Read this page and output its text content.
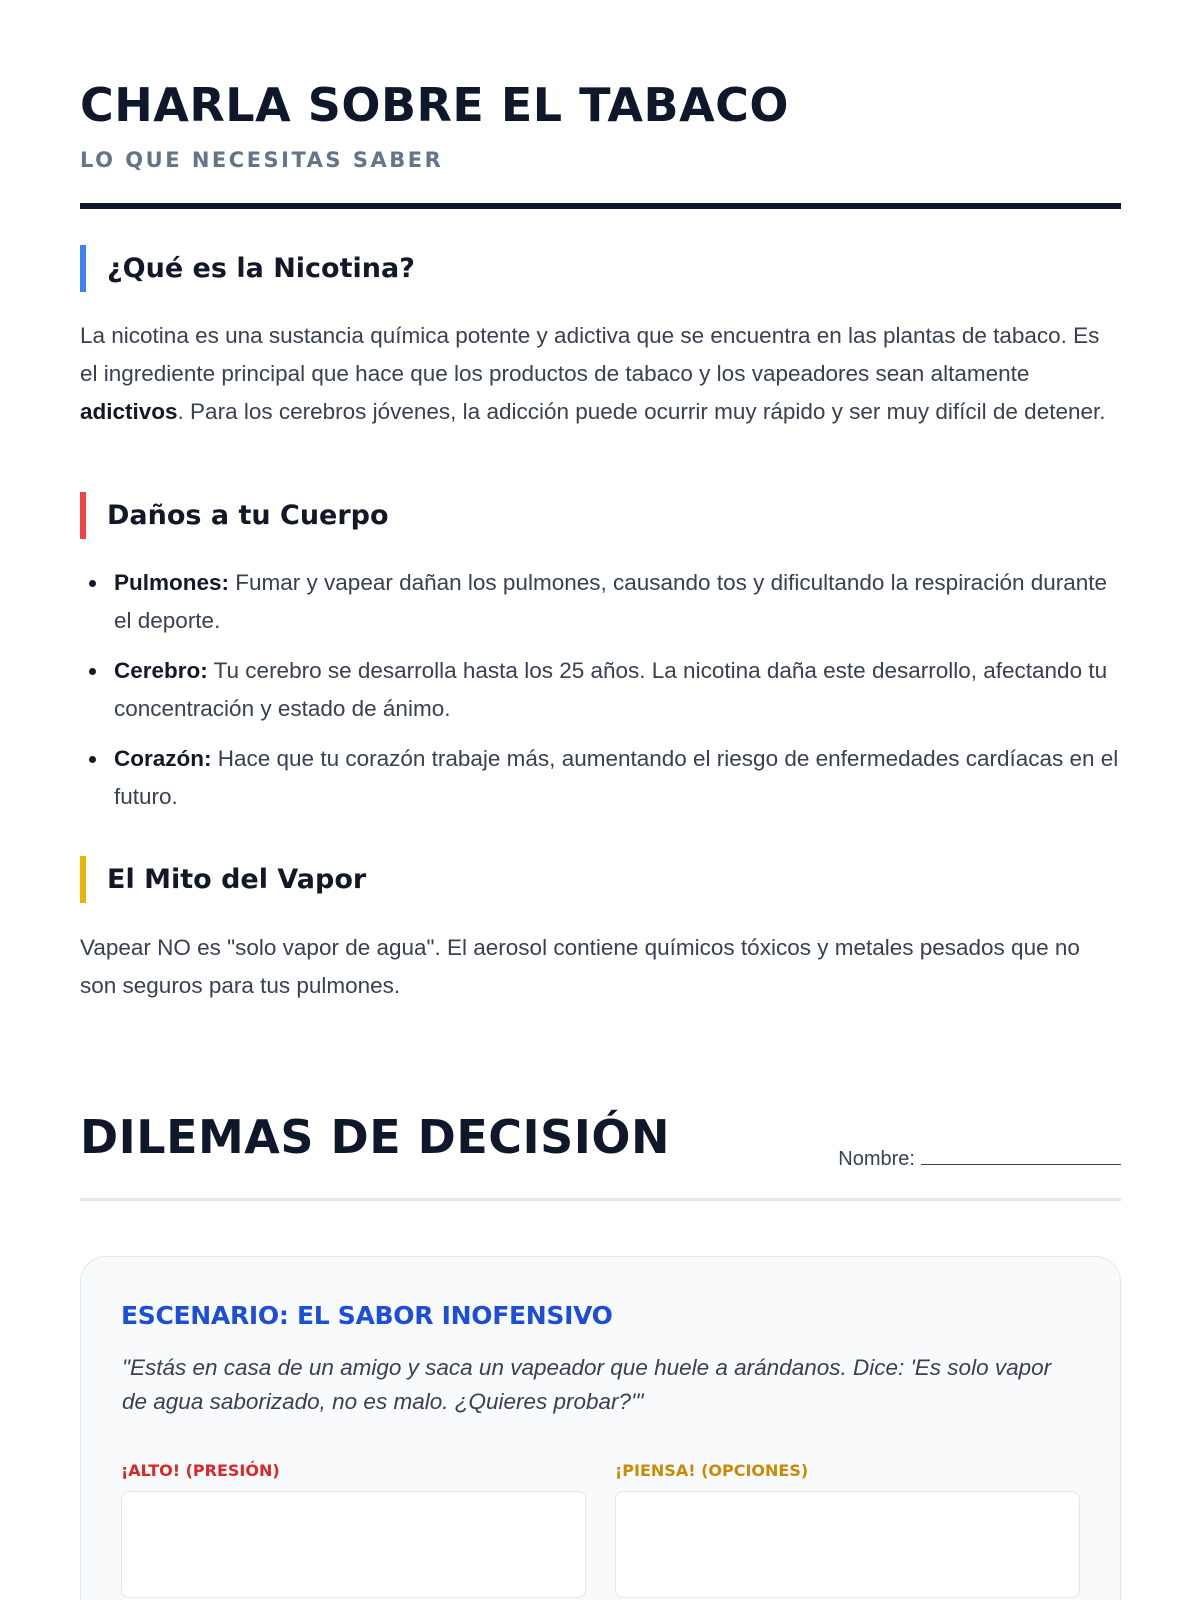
CHARLA SOBRE EL TABACO
LO QUE NECESITAS SABER
¿Qué es la Nicotina?

La nicotina es una sustancia química potente y adictiva que se encuentra en las plantas de tabaco. Es el ingrediente principal que hace que los productos de tabaco y los vapeadores sean altamente adictivos. Para los cerebros jóvenes, la adicción puede ocurrir muy rápido y ser muy difícil de detener.

Daños a tu Cuerpo
Pulmones: Fumar y vapear dañan los pulmones, causando tos y dificultando la respiración durante el deporte.
Cerebro: Tu cerebro se desarrolla hasta los 25 años. La nicotina daña este desarrollo, afectando tu concentración y estado de ánimo.
Corazón: Hace que tu corazón trabaje más, aumentando el riesgo de enfermedades cardíacas en el futuro.
El Mito del Vapor

Vapear NO es "solo vapor de agua". El aerosol contiene químicos tóxicos y metales pesados que no son seguros para tus pulmones.

DILEMAS DE DECISIÓN	Nombre:
ESCENARIO: EL SABOR INOFENSIVO

"Estás en casa de un amigo y saca un vapeador que huele a arándanos. Dice: 'Es solo vapor de agua saborizado, no es malo. ¿Quieres probar?'"

¡ALTO! (PRESIÓN)	¡PIENSA! (OPCIONES)
